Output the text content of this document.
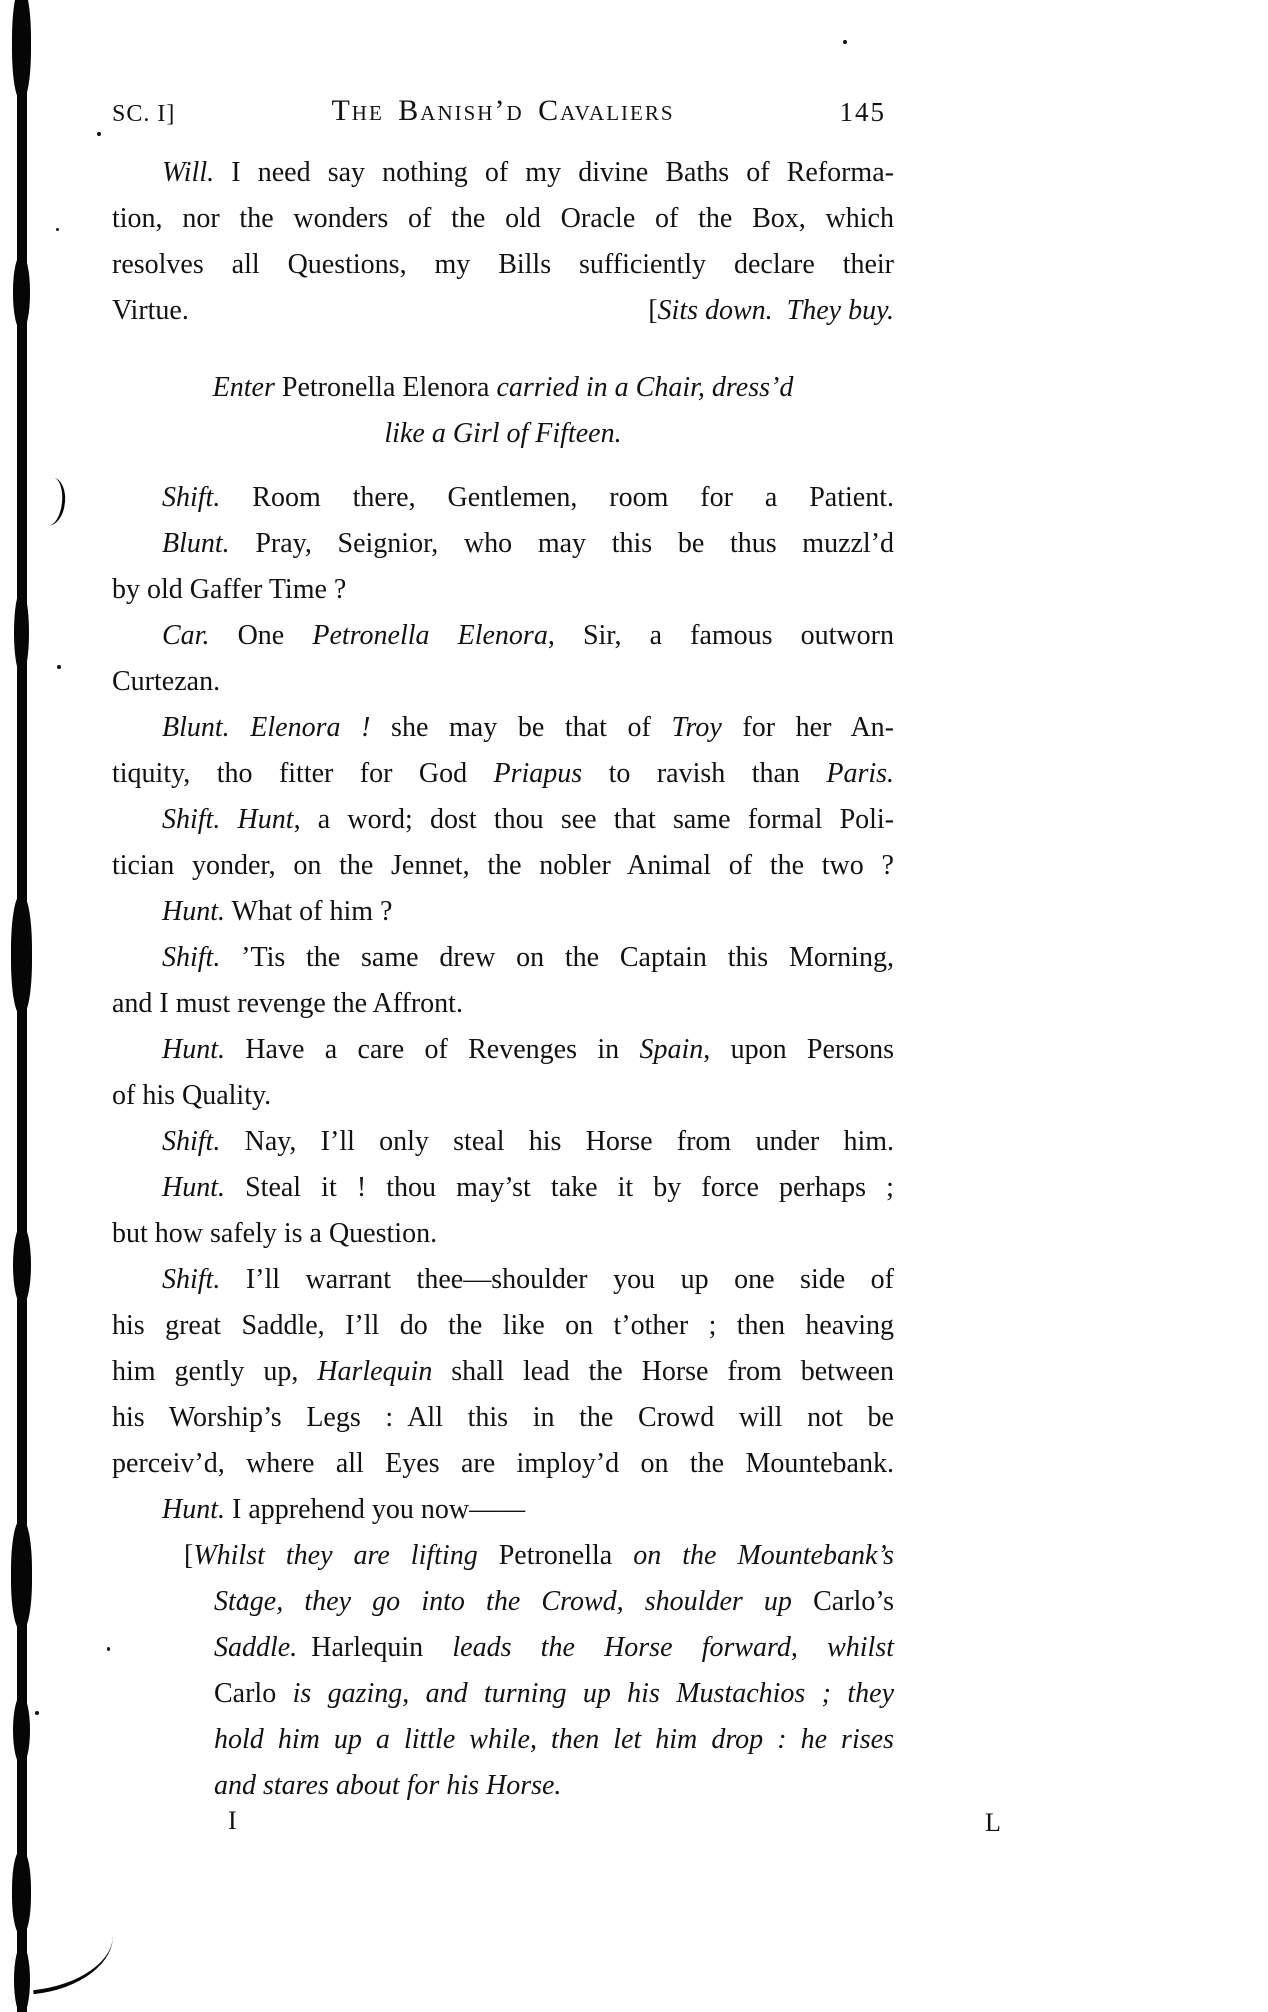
SC. I]	The Banish’d Cavaliers	145
Will. I need say nothing of my divine Baths of Reforma-
tion, nor the wonders of the old Oracle of the Box, which
resolves all Questions, my Bills sufficiently declare their
Virtue.	[ Sits down. They buy.
Enter Petronella Elenora carried in a Chair, dress’d
like a Girl of Fifteen.
Shift. Room there, Gentlemen, room for a Patient.
Blunt. Pray, Seignior, who may this be thus muzzl’d
by old Gaffer Time ?
Car. One Petronella Elenora, Sir, a famous outworn
Curtezan.
Blunt. Elenora ! she may be that of Troy for her An-
tiquity, tho fitter for God Priapus to ravish than Paris.
Shift. Hunt, a word; dost thou see that same formal Poli-
tician yonder, on the Jennet, the nobler Animal of the two ?
Hunt. What of him ?
Shift. ’Tis the same drew on the Captain this Morning,
and I must revenge the Affront.
Hunt. Have a care of Revenges in Spain, upon Persons
of his Quality.
Shift. Nay, I’ll only steal his Horse from under him.
Hunt. Steal it ! thou may’st take it by force perhaps ;
but how safely is a Question.
Shift. I’ll warrant thee—shoulder you up one side of
his great Saddle, I’ll do the like on t’other ; then heaving
him gently up, Harlequin shall lead the Horse from between
his Worship’s Legs : All this in the Crowd will not be
perceiv’d, where all Eyes are imploy’d on the Mountebank.
Hunt. I apprehend you now——
[Whilst they are lifting Petronella on the Mountebank’s
Stage, they go into the Crowd, shoulder up Carlo’s
Saddle. Harlequin leads the Horse forward, whilst
Carlo is gazing, and turning up his Mustachios ; they
hold him up a little while, then let him drop : he rises
and stares about for his Horse.
I	L
